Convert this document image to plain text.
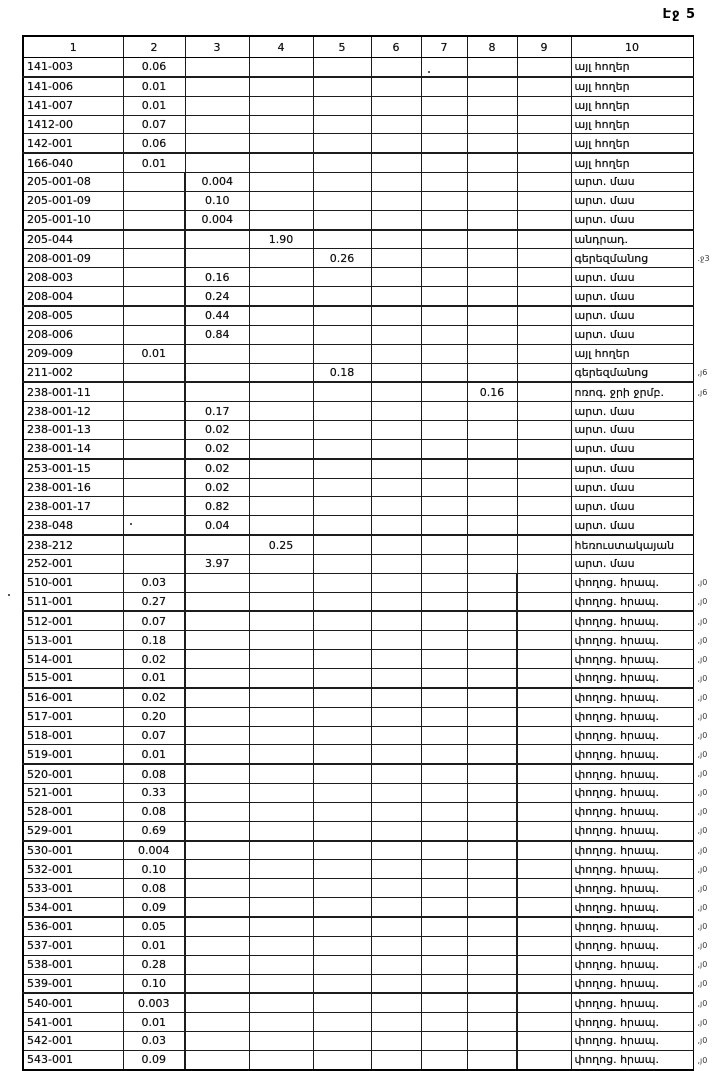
Էջ 5
1	2	3	4	5	6	7	8	9	10	
141-003	0.06								այլ հողեր	
141-006	0.01								այլ հողեր	
141-007	0.01								այլ հողեր	
1412-00	0.07								այլ հողեր	
142-001	0.06								այլ հողեր	
166-040	0.01								այլ հողեր	
205-001-08		0.004							արտ. մաս	
205-001-09		0.10							արտ. մաս	
205-001-10		0.004							արտ. մաս	
205-044			1.90						անդրադ.	
208-001-09				0.26					գերեզմանոց	.ջ3
208-003		0.16							արտ. մաս	
208-004		0.24							արտ. մաս	
208-005		0.44							արտ. մաս	
208-006		0.84							արտ. մաս	
209-009	0.01								այլ հողեր	
211-002				0.18					գերեզմանոց	,յ6
238-001-11							0.16		ոռոգ. ջրի ջրմբ.	,յ6
238-001-12		0.17							արտ. մաս	
238-001-13		0.02							արտ. մաս	
238-001-14		0.02							արտ. մաս	
253-001-15		0.02							արտ. մաս	
238-001-16		0.02							արտ. մաս	
238-001-17		0.82							արտ. մաս	
238-048		0.04							արտ. մաս	
238-212			0.25						հեռուստակայան	
252-001		3.97							արտ. մաս	
510-001	0.03								փողոց. հրապ.	,յ0
511-001	0.27								փողոց. հրապ.	,յ0
512-001	0.07								փողոց. հրապ.	,յ0
513-001	0.18								փողոց. հրապ.	,յ0
514-001	0.02								փողոց. հրապ.	,յ0
515-001	0.01								փողոց. հրապ.	,յ0
516-001	0.02								փողոց. հրապ.	,յ0
517-001	0.20								փողոց. հրապ.	,յ0
518-001	0.07								փողոց. հրապ.	,յ0
519-001	0.01								փողոց. հրապ.	,յ0
520-001	0.08								փողոց. հրապ.	,յ0
521-001	0.33								փողոց. հրապ.	,յ0
528-001	0.08								փողոց. հրապ.	,յ0
529-001	0.69								փողոց. հրապ.	,յ0
530-001	0.004								փողոց. հրապ.	,յ0
532-001	0.10								փողոց. հրապ.	,յ0
533-001	0.08								փողոց. հրապ.	,յ0
534-001	0.09								փողոց. հրապ.	,յ0
536-001	0.05								փողոց. հրապ.	,յ0
537-001	0.01								փողոց. հրապ.	,յ0
538-001	0.28								փողոց. հրապ.	,յ0
539-001	0.10								փողոց. հրապ.	,յ0
540-001	0.003								փողոց. հրապ.	,յ0
541-001	0.01								փողոց. հրապ.	,յ0
542-001	0.03								փողոց. հրապ.	,յ0
543-001	0.09								փողոց. հրապ.	,յ0
